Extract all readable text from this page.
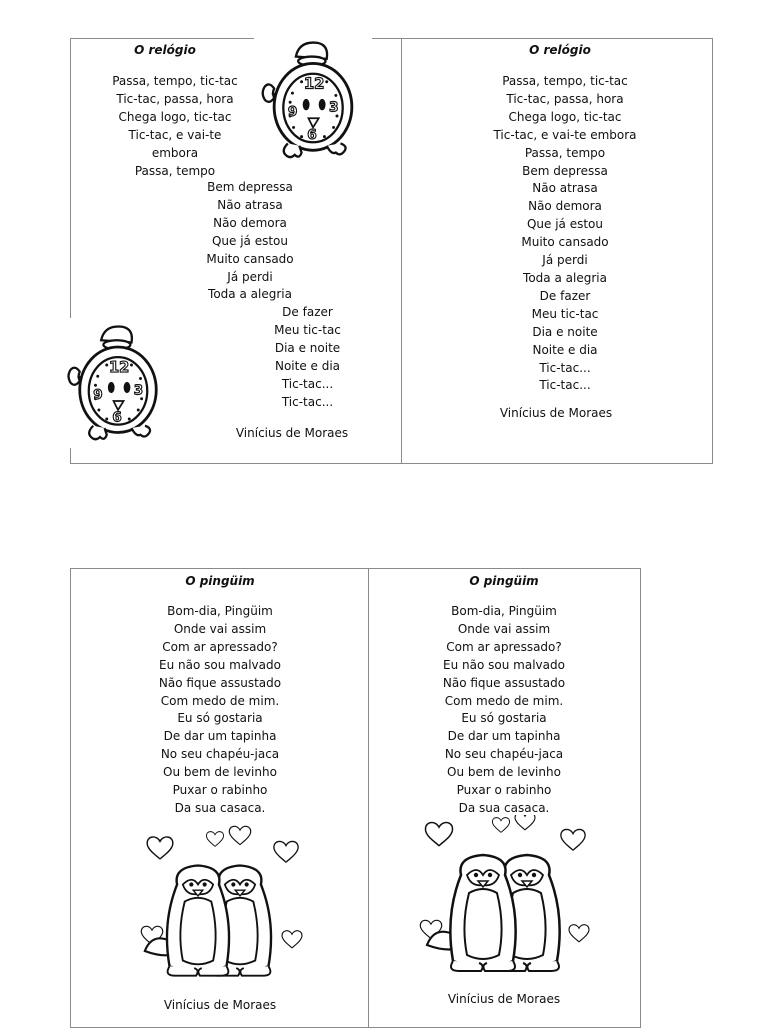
O relógio	O relógio
Passa, tempo, tic-tac
Tic-tac, passa, hora
Chega logo, tic-tac
Tic-tac, e vai-te
embora
Passa, tempo
Bem depressa
Não atrasa
Não demora
Que já estou
Muito cansado
Já perdi
Toda a alegria
De fazer
Meu tic-tac
Dia e noite
Noite e dia
Tic-tac...
Tic-tac...
Vinícius de Moraes
Passa, tempo, tic-tac
Tic-tac, passa, hora
Chega logo, tic-tac
Tic-tac, e vai-te embora
Passa, tempo
Bem depressa
Não atrasa
Não demora
Que já estou
Muito cansado
Já perdi
Toda a alegria
De fazer
Meu tic-tac
Dia e noite
Noite e dia
Tic-tac...
Tic-tac...
Vinícius de Moraes
O pingüim	O pingüim
Bom-dia, Pingüim
Onde vai assim
Com ar apressado?
Eu não sou malvado
Não fique assustado
Com medo de mim.
Eu só gostaria
De dar um tapinha
No seu chapéu-jaca
Ou bem de levinho
Puxar o rabinho
Da sua casaca.
Bom-dia, Pingüim
Onde vai assim
Com ar apressado?
Eu não sou malvado
Não fique assustado
Com medo de mim.
Eu só gostaria
De dar um tapinha
No seu chapéu-jaca
Ou bem de levinho
Puxar o rabinho
Da sua casaca.
Vinícius de Moraes	Vinícius de Moraes
